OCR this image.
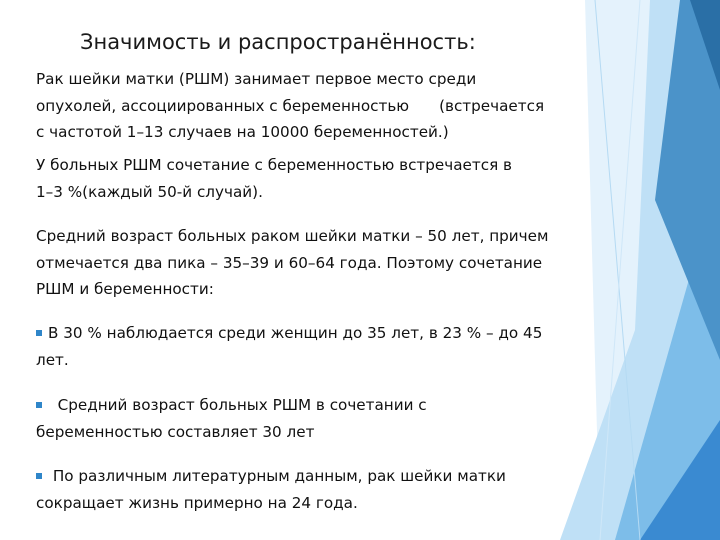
Значимость и распространённость:
Рак шейки матки (РШМ) занимает первое место среди
опухолей, ассоциированных с беременностью (встречается
с частотой 1–13 случаев на 10000 беременностей.)
У больных РШМ сочетание с беременностью встречается в
1–3 %(каждый 50-й случай).
Средний возраст больных раком шейки матки – 50 лет, причем
отмечается два пика – 35–39 и 60–64 года. Поэтому сочетание
РШМ и беременности:
В 30 % наблюдается среди женщин до 35 лет, в 23 % – до 45
лет.
Средний возраст больных РШМ в сочетании с
беременностью составляет 30 лет
По различным литературным данным, рак шейки матки
сокращает жизнь примерно на 24 года.
